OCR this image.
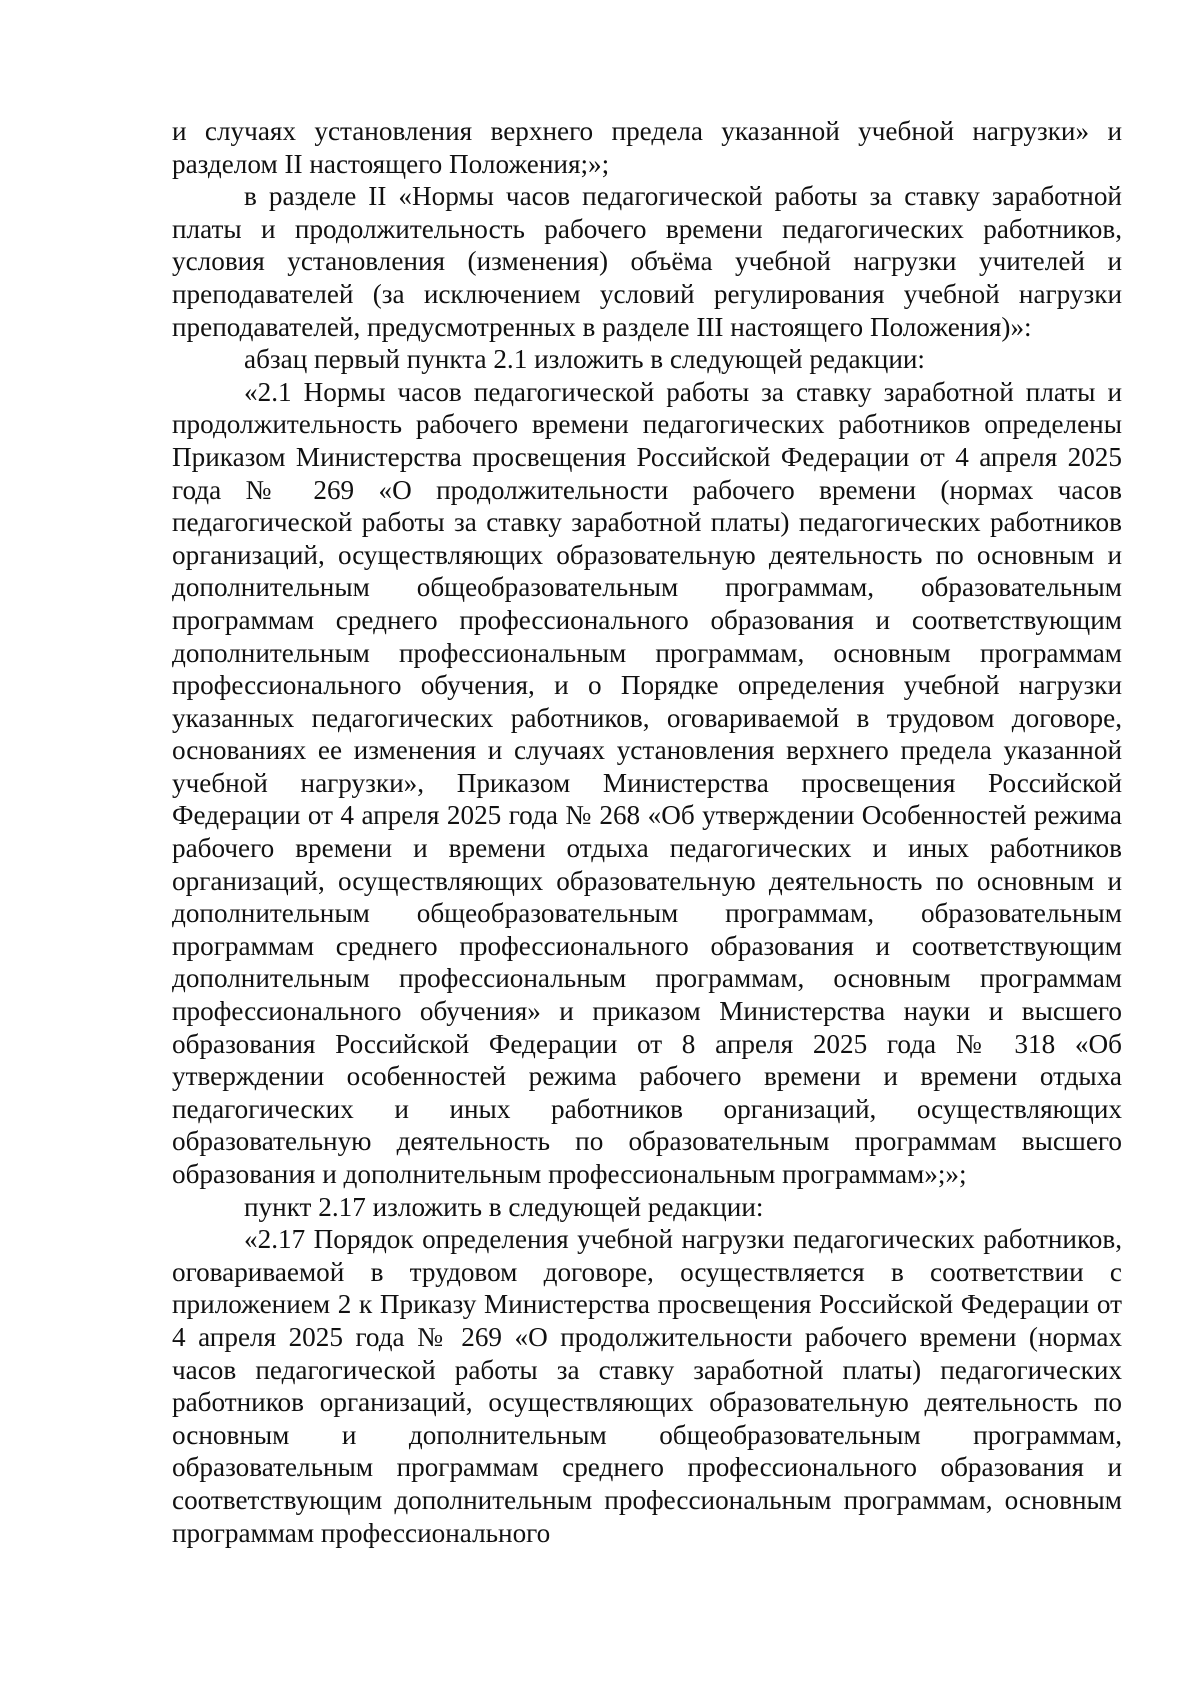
и случаях установления верхнего предела указанной учебной нагрузки» и разделом II настоящего Положения;»;

в разделе II «Нормы часов педагогической работы за ставку заработной платы и продолжительность рабочего времени педагогических работников, условия установления (изменения) объёма учебной нагрузки учителей и преподавателей (за исключением условий регулирования учебной нагрузки преподавателей, предусмотренных в разделе III настоящего Положения)»:

абзац первый пункта 2.1 изложить в следующей редакции:

«2.1 Нормы часов педагогической работы за ставку заработной платы и продолжительность рабочего времени педагогических работников определены Приказом Министерства просвещения Российской Федерации от 4 апреля 2025 года № 269 «О продолжительности рабочего времени (нормах часов педагогической работы за ставку заработной платы) педагогических работников организаций, осуществляющих образовательную деятельность по основным и дополнительным общеобразовательным программам, образовательным программам среднего профессионального образования и соответствующим дополнительным профессиональным программам, основным программам профессионального обучения, и о Порядке определения учебной нагрузки указанных педагогических работников, оговариваемой в трудовом договоре, основаниях ее изменения и случаях установления верхнего предела указанной учебной нагрузки», Приказом Министерства просвещения Российской Федерации от 4 апреля 2025 года № 268 «Об утверждении Особенностей режима рабочего времени и времени отдыха педагогических и иных работников организаций, осуществляющих образовательную деятельность по основным и дополнительным общеобразовательным программам, образовательным программам среднего профессионального образования и соответствующим дополнительным профессиональным программам, основным программам профессионального обучения» и приказом Министерства науки и высшего образования Российской Федерации от 8 апреля 2025 года № 318 «Об утверждении особенностей режима рабочего времени и времени отдыха педагогических и иных работников организаций, осуществляющих образовательную деятельность по образовательным программам высшего образования и дополнительным профессиональным программам»;»;

пункт 2.17 изложить в следующей редакции:

«2.17 Порядок определения учебной нагрузки педагогических работников, оговариваемой в трудовом договоре, осуществляется в соответствии с приложением 2 к Приказу Министерства просвещения Российской Федерации от 4 апреля 2025 года № 269 «О продолжительности рабочего времени (нормах часов педагогической работы за ставку заработной платы) педагогических работников организаций, осуществляющих образовательную деятельность по основным и дополнительным общеобразовательным программам, образовательным программам среднего профессионального образования и соответствующим дополнительным профессиональным программам, основным программам профессионального
